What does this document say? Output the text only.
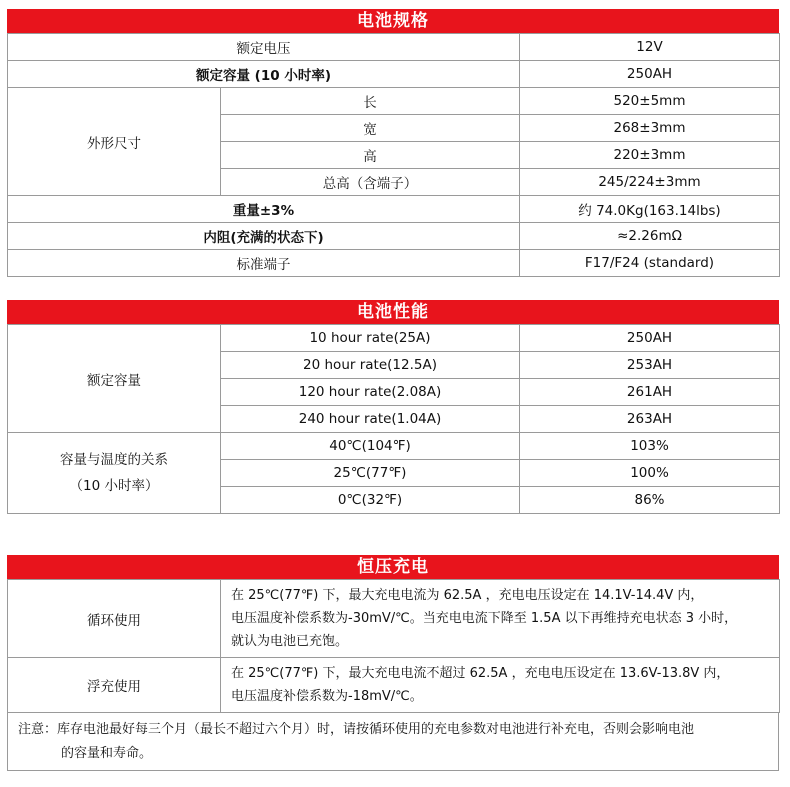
电池规格
额定电压		12V
额定容量 (10 小时率)		250AH
外形尺寸	长	520±5mm
	宽	268±3mm
	高	220±3mm
	总高（含端子）	245/224±3mm
重量±3%		约 74.0Kg(163.14lbs)
内阻(充满的状态下)		≈2.26mΩ
标准端子		F17/F24 (standard)
电池性能
额定容量	10 hour rate(25A)	250AH
	20 hour rate(12.5A)	253AH
	120 hour rate(2.08A)	261AH
	240 hour rate(1.04A)	263AH
容量与温度的关系
（10 小时率）	40℃(104℉)	103%
	25℃(77℉)	100%
	0℃(32℉)	86%
恒压充电
循环使用	在 25℃(77℉) 下，最大充电电流为 62.5A ，充电电压设定在 14.1V-14.4V 内，
电压温度补偿系数为-30mV/℃。当充电电流下降至 1.5A 以下再维持充电状态 3 小时，
就认为电池已充饱。
浮充使用	在 25℃(77℉) 下，最大充电电流不超过 62.5A ，充电电压设定在 13.6V-13.8V 内，
电压温度补偿系数为-18mV/℃。
注意：库存电池最好每三个月（最长不超过六个月）时，请按循环使用的充电参数对电池进行补充电，否则会影响电池
的容量和寿命。
